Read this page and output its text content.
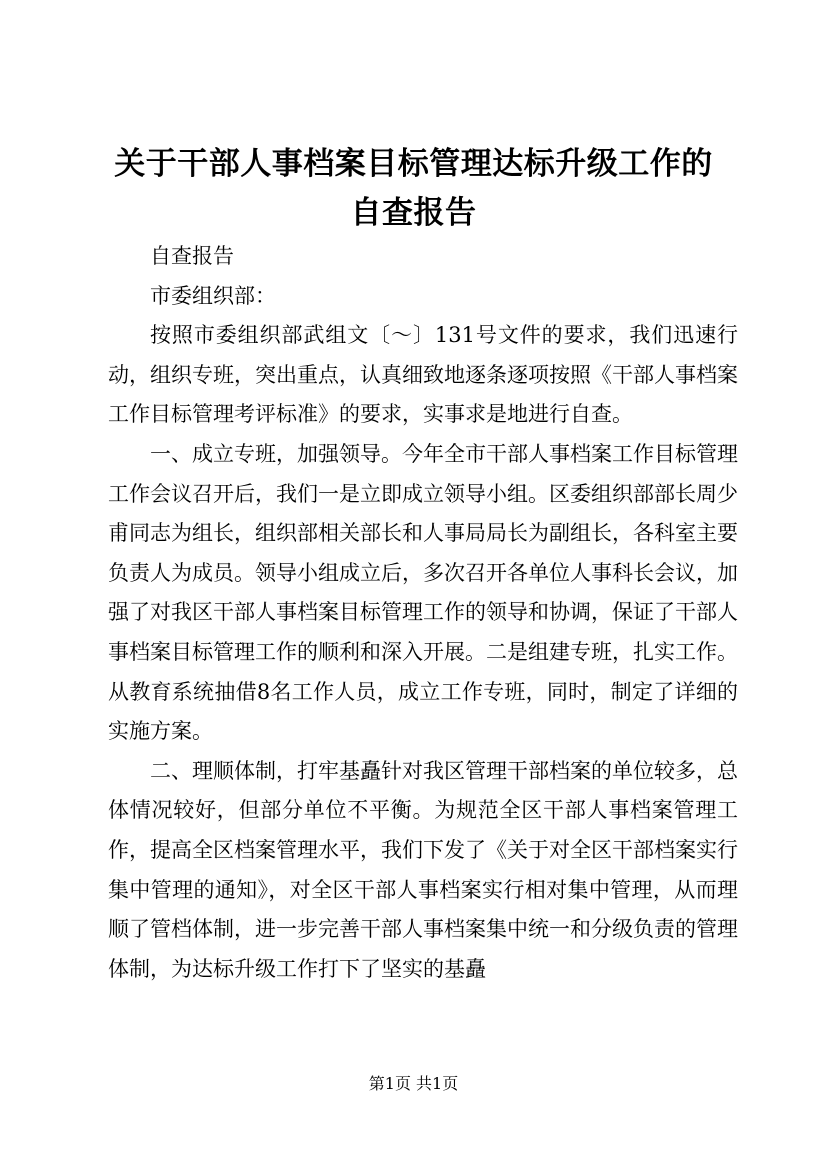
关于干部人事档案目标管理达标升级工作的自查报告

自查报告

市委组织部：

按照市委组织部武组文〔～〕131号文件的要求，我们迅速行动，组织专班，突出重点，认真细致地逐条逐项按照《干部人事档案工作目标管理考评标准》的要求，实事求是地进行自查。

一、成立专班，加强领导。今年全市干部人事档案工作目标管理工作会议召开后，我们一是立即成立领导小组。区委组织部部长周少甫同志为组长，组织部相关部长和人事局局长为副组长，各科室主要负责人为成员。领导小组成立后，多次召开各单位人事科长会议，加强了对我区干部人事档案目标管理工作的领导和协调，保证了干部人事档案目标管理工作的顺利和深入开展。二是组建专班，扎实工作。从教育系统抽借8名工作人员，成立工作专班，同时，制定了详细的实施方案。

二、理顺体制，打牢基矗针对我区管理干部档案的单位较多，总体情况较好，但部分单位不平衡。为规范全区干部人事档案管理工作，提高全区档案管理水平，我们下发了《关于对全区干部档案实行集中管理的通知》，对全区干部人事档案实行相对集中管理，从而理顺了管档体制，进一步完善干部人事档案集中统一和分级负责的管理体制，为达标升级工作打下了坚实的基矗

第1页 共1页
